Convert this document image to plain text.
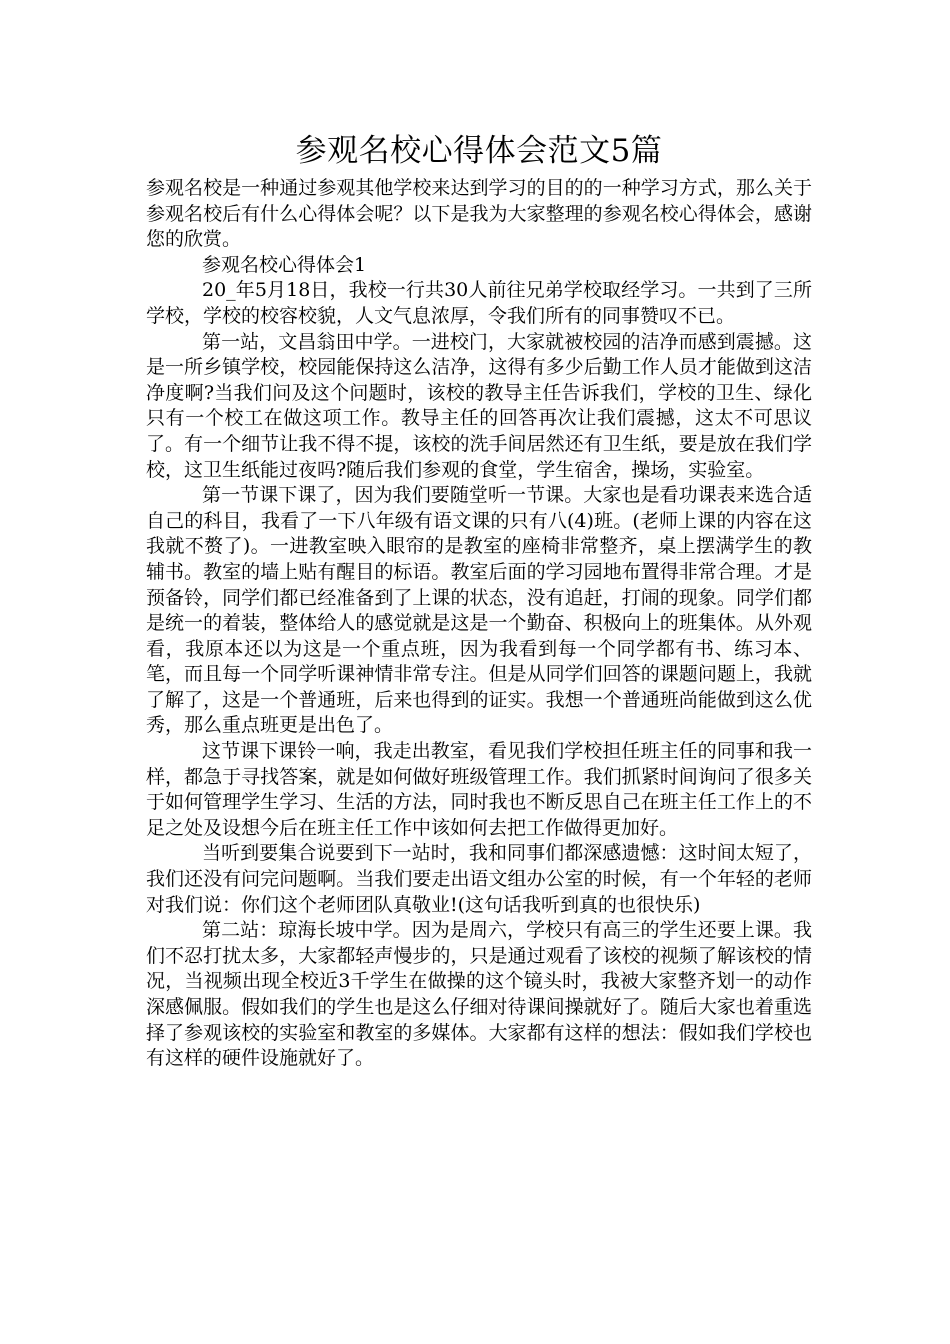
参观名校心得体会范文5篇

参观名校是一种通过参观其他学校来达到学习的目的的一种学习方式，那么关于参观名校后有什么心得体会呢？以下是我为大家整理的参观名校心得体会，感谢您的欣赏。

参观名校心得体会1

20_年5月18日，我校一行共30人前往兄弟学校取经学习。一共到了三所学校，学校的校容校貌，人文气息浓厚，令我们所有的同事赞叹不已。

第一站，文昌翁田中学。一进校门，大家就被校园的洁净而感到震撼。这是一所乡镇学校，校园能保持这么洁净，这得有多少后勤工作人员才能做到这洁净度啊?当我们问及这个问题时，该校的教导主任告诉我们，学校的卫生、绿化只有一个校工在做这项工作。教导主任的回答再次让我们震撼，这太不可思议了。有一个细节让我不得不提，该校的洗手间居然还有卫生纸，要是放在我们学校，这卫生纸能过夜吗?随后我们参观的食堂，学生宿舍，操场，实验室。

第一节课下课了，因为我们要随堂听一节课。大家也是看功课表来选合适自己的科目，我看了一下八年级有语文课的只有八(4)班。(老师上课的内容在这我就不赘了)。一进教室映入眼帘的是教室的座椅非常整齐，桌上摆满学生的教辅书。教室的墙上贴有醒目的标语。教室后面的学习园地布置得非常合理。才是预备铃，同学们都已经准备到了上课的状态，没有追赶，打闹的现象。同学们都是统一的着装，整体给人的感觉就是这是一个勤奋、积极向上的班集体。从外观看，我原本还以为这是一个重点班，因为我看到每一个同学都有书、练习本、笔，而且每一个同学听课神情非常专注。但是从同学们回答的课题问题上，我就了解了，这是一个普通班，后来也得到的证实。我想一个普通班尚能做到这么优秀，那么重点班更是出色了。

这节课下课铃一响，我走出教室，看见我们学校担任班主任的同事和我一样，都急于寻找答案，就是如何做好班级管理工作。我们抓紧时间询问了很多关于如何管理学生学习、生活的方法，同时我也不断反思自己在班主任工作上的不足之处及设想今后在班主任工作中该如何去把工作做得更加好。

当听到要集合说要到下一站时，我和同事们都深感遗憾：这时间太短了，我们还没有问完问题啊。当我们要走出语文组办公室的时候，有一个年轻的老师对我们说：你们这个老师团队真敬业!(这句话我听到真的也很快乐)

第二站：琼海长坡中学。因为是周六，学校只有高三的学生还要上课。我们不忍打扰太多，大家都轻声慢步的，只是通过观看了该校的视频了解该校的情况，当视频出现全校近3千学生在做操的这个镜头时，我被大家整齐划一的动作深感佩服。假如我们的学生也是这么仔细对待课间操就好了。随后大家也着重选择了参观该校的实验室和教室的多媒体。大家都有这样的想法：假如我们学校也有这样的硬件设施就好了。
